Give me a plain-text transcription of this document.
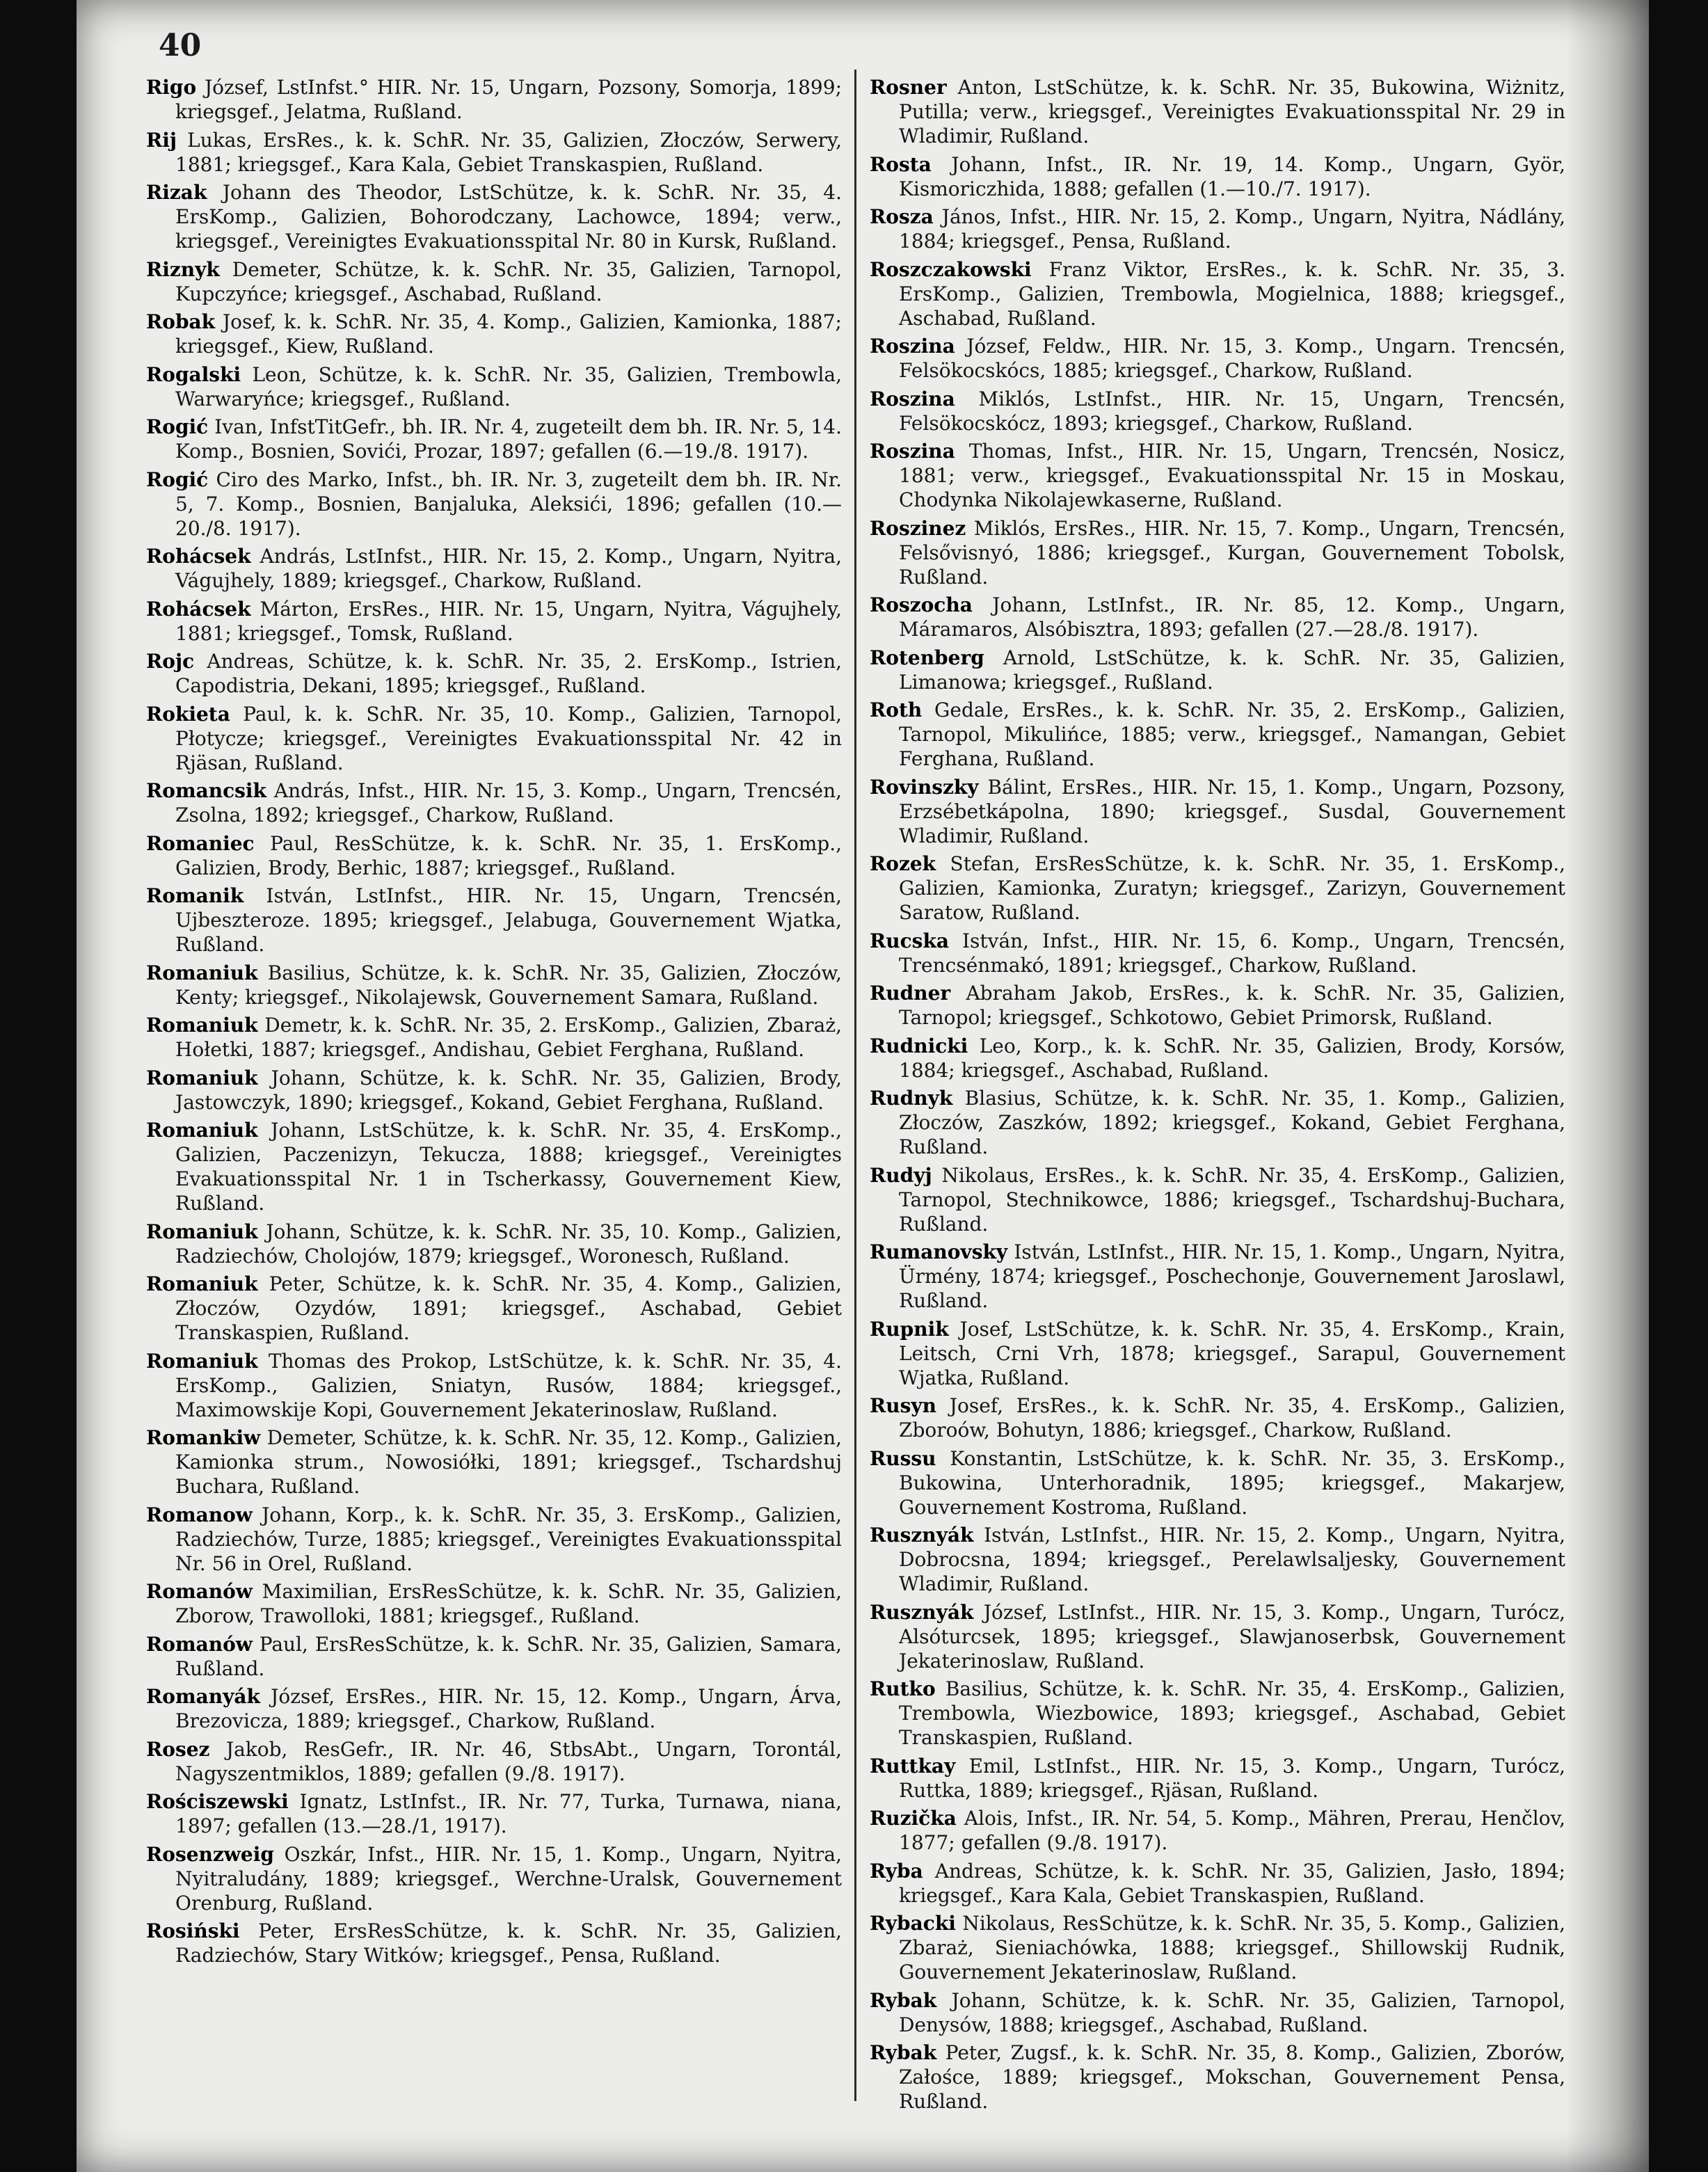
40

Rigo József, LstInfst.° HIR. Nr. 15, Ungarn, Pozsony, Somorja, 1899; kriegsgef., Jelatma, Rußland.

Rij Lukas, ErsRes., k. k. SchR. Nr. 35, Galizien, Złoczów, Serwery, 1881; kriegsgef., Kara Kala, Gebiet Transkaspien, Rußland.

Rizak Johann des Theodor, LstSchütze, k. k. SchR. Nr. 35, 4. ErsKomp., Galizien, Bohorodczany, Lachowce, 1894; verw., kriegsgef., Vereinigtes Evakuationsspital Nr. 80 in Kursk, Rußland.

Riznyk Demeter, Schütze, k. k. SchR. Nr. 35, Galizien, Tarnopol, Kupczyńce; kriegsgef., Aschabad, Rußland.

Robak Josef, k. k. SchR. Nr. 35, 4. Komp., Galizien, Kamionka, 1887; kriegsgef., Kiew, Rußland.

Rogalski Leon, Schütze, k. k. SchR. Nr. 35, Galizien, Trembowla, Warwaryńce; kriegsgef., Rußland.

Rogić Ivan, InfstTitGefr., bh. IR. Nr. 4, zugeteilt dem bh. IR. Nr. 5, 14. Komp., Bosnien, Sovići, Prozar, 1897; gefallen (6.—19./8. 1917).

Rogić Ciro des Marko, Infst., bh. IR. Nr. 3, zugeteilt dem bh. IR. Nr. 5, 7. Komp., Bosnien, Banjaluka, Aleksići, 1896; gefallen (10.—20./8. 1917).

Rohácsek András, LstInfst., HIR. Nr. 15, 2. Komp., Ungarn, Nyitra, Vágujhely, 1889; kriegsgef., Charkow, Rußland.

Rohácsek Márton, ErsRes., HIR. Nr. 15, Ungarn, Nyitra, Vágujhely, 1881; kriegsgef., Tomsk, Rußland.

Rojc Andreas, Schütze, k. k. SchR. Nr. 35, 2. ErsKomp., Istrien, Capodistria, Dekani, 1895; kriegsgef., Rußland.

Rokieta Paul, k. k. SchR. Nr. 35, 10. Komp., Galizien, Tarnopol, Płotycze; kriegsgef., Vereinigtes Evakuationsspital Nr. 42 in Rjäsan, Rußland.

Romancsik András, Infst., HIR. Nr. 15, 3. Komp., Ungarn, Trencsén, Zsolna, 1892; kriegsgef., Charkow, Rußland.

Romaniec Paul, ResSchütze, k. k. SchR. Nr. 35, 1. ErsKomp., Galizien, Brody, Berhic, 1887; kriegsgef., Rußland.

Romanik István, LstInfst., HIR. Nr. 15, Ungarn, Trencsén, Ujbeszteroze. 1895; kriegsgef., Jelabuga, Gouvernement Wjatka, Rußland.

Romaniuk Basilius, Schütze, k. k. SchR. Nr. 35, Galizien, Złoczów, Kenty; kriegsgef., Nikolajewsk, Gouvernement Samara, Rußland.

Romaniuk Demetr, k. k. SchR. Nr. 35, 2. ErsKomp., Galizien, Zbaraż, Hołetki, 1887; kriegsgef., Andishau, Gebiet Ferghana, Rußland.

Romaniuk Johann, Schütze, k. k. SchR. Nr. 35, Galizien, Brody, Jastowczyk, 1890; kriegsgef., Kokand, Gebiet Ferghana, Rußland.

Romaniuk Johann, LstSchütze, k. k. SchR. Nr. 35, 4. ErsKomp., Galizien, Paczenizyn, Tekucza, 1888; kriegsgef., Vereinigtes Evakuationsspital Nr. 1 in Tscherkassy, Gouvernement Kiew, Rußland.

Romaniuk Johann, Schütze, k. k. SchR. Nr. 35, 10. Komp., Galizien, Radziechów, Cholojów, 1879; kriegsgef., Woronesch, Rußland.

Romaniuk Peter, Schütze, k. k. SchR. Nr. 35, 4. Komp., Galizien, Złoczów, Ozydów, 1891; kriegsgef., Aschabad, Gebiet Transkaspien, Rußland.

Romaniuk Thomas des Prokop, LstSchütze, k. k. SchR. Nr. 35, 4. ErsKomp., Galizien, Sniatyn, Rusów, 1884; kriegsgef., Maximowskije Kopi, Gouvernement Jekaterinoslaw, Rußland.

Romankiw Demeter, Schütze, k. k. SchR. Nr. 35, 12. Komp., Galizien, Kamionka strum., Nowosiółki, 1891; kriegsgef., Tschardshuj Buchara, Rußland.

Romanow Johann, Korp., k. k. SchR. Nr. 35, 3. ErsKomp., Galizien, Radziechów, Turze, 1885; kriegsgef., Vereinigtes Evakuationsspital Nr. 56 in Orel, Rußland.

Romanów Maximilian, ErsResSchütze, k. k. SchR. Nr. 35, Galizien, Zborow, Trawolloki, 1881; kriegsgef., Rußland.

Romanów Paul, ErsResSchütze, k. k. SchR. Nr. 35, Galizien, Samara, Rußland.

Romanyák József, ErsRes., HIR. Nr. 15, 12. Komp., Ungarn, Árva, Brezovicza, 1889; kriegsgef., Charkow, Rußland.

Rosez Jakob, ResGefr., IR. Nr. 46, StbsAbt., Ungarn, Torontál, Nagyszentmiklos, 1889; gefallen (9./8. 1917).

Rościszewski Ignatz, LstInfst., IR. Nr. 77, Turka, Turnawa, niana, 1897; gefallen (13.—28./1, 1917).

Rosenzweig Oszkár, Infst., HIR. Nr. 15, 1. Komp., Ungarn, Nyitra, Nyitraludány, 1889; kriegsgef., Werchne-Uralsk, Gouvernement Orenburg, Rußland.

Rosiński Peter, ErsResSchütze, k. k. SchR. Nr. 35, Galizien, Radziechów, Stary Witków; kriegsgef., Pensa, Rußland.

Rosner Anton, LstSchütze, k. k. SchR. Nr. 35, Bukowina, Wiżnitz, Putilla; verw., kriegsgef., Vereinigtes Evakuationsspital Nr. 29 in Wladimir, Rußland.

Rosta Johann, Infst., IR. Nr. 19, 14. Komp., Ungarn, Györ, Kismoriczhida, 1888; gefallen (1.—10./7. 1917).

Rosza János, Infst., HIR. Nr. 15, 2. Komp., Ungarn, Nyitra, Nádlány, 1884; kriegsgef., Pensa, Rußland.

Roszczakowski Franz Viktor, ErsRes., k. k. SchR. Nr. 35, 3. ErsKomp., Galizien, Trembowla, Mogielnica, 1888; kriegsgef., Aschabad, Rußland.

Roszina József, Feldw., HIR. Nr. 15, 3. Komp., Ungarn. Trencsén, Felsökocskócs, 1885; kriegsgef., Charkow, Rußland.

Roszina Miklós, LstInfst., HIR. Nr. 15, Ungarn, Trencsén, Felsökocskócz, 1893; kriegsgef., Charkow, Rußland.

Roszina Thomas, Infst., HIR. Nr. 15, Ungarn, Trencsén, Nosicz, 1881; verw., kriegsgef., Evakuationsspital Nr. 15 in Moskau, Chodynka Nikolajewkaserne, Rußland.

Roszinez Miklós, ErsRes., HIR. Nr. 15, 7. Komp., Ungarn, Trencsén, Felsővisnyó, 1886; kriegsgef., Kurgan, Gouvernement Tobolsk, Rußland.

Roszocha Johann, LstInfst., IR. Nr. 85, 12. Komp., Ungarn, Máramaros, Alsóbisztra, 1893; gefallen (27.—28./8. 1917).

Rotenberg Arnold, LstSchütze, k. k. SchR. Nr. 35, Galizien, Limanowa; kriegsgef., Rußland.

Roth Gedale, ErsRes., k. k. SchR. Nr. 35, 2. ErsKomp., Galizien, Tarnopol, Mikulińce, 1885; verw., kriegsgef., Namangan, Gebiet Ferghana, Rußland.

Rovinszky Bálint, ErsRes., HIR. Nr. 15, 1. Komp., Ungarn, Pozsony, Erzsébetkápolna, 1890; kriegsgef., Susdal, Gouvernement Wladimir, Rußland.

Rozek Stefan, ErsResSchütze, k. k. SchR. Nr. 35, 1. ErsKomp., Galizien, Kamionka, Zuratyn; kriegsgef., Zarizyn, Gouvernement Saratow, Rußland.

Rucska István, Infst., HIR. Nr. 15, 6. Komp., Ungarn, Trencsén, Trencsénmakó, 1891; kriegsgef., Charkow, Rußland.

Rudner Abraham Jakob, ErsRes., k. k. SchR. Nr. 35, Galizien, Tarnopol; kriegsgef., Schkotowo, Gebiet Primorsk, Rußland.

Rudnicki Leo, Korp., k. k. SchR. Nr. 35, Galizien, Brody, Korsów, 1884; kriegsgef., Aschabad, Rußland.

Rudnyk Blasius, Schütze, k. k. SchR. Nr. 35, 1. Komp., Galizien, Złoczów, Zaszków, 1892; kriegsgef., Kokand, Gebiet Ferghana, Rußland.

Rudyj Nikolaus, ErsRes., k. k. SchR. Nr. 35, 4. ErsKomp., Galizien, Tarnopol, Stechnikowce, 1886; kriegsgef., Tschardshuj-Buchara, Rußland.

Rumanovsky István, LstInfst., HIR. Nr. 15, 1. Komp., Ungarn, Nyitra, Ürmény, 1874; kriegsgef., Poschechonje, Gouvernement Jaroslawl, Rußland.

Rupnik Josef, LstSchütze, k. k. SchR. Nr. 35, 4. ErsKomp., Krain, Leitsch, Crni Vrh, 1878; kriegsgef., Sarapul, Gouvernement Wjatka, Rußland.

Rusyn Josef, ErsRes., k. k. SchR. Nr. 35, 4. ErsKomp., Galizien, Zboroów, Bohutyn, 1886; kriegsgef., Charkow, Rußland.

Russu Konstantin, LstSchütze, k. k. SchR. Nr. 35, 3. ErsKomp., Bukowina, Unterhoradnik, 1895; kriegsgef., Makarjew, Gouvernement Kostroma, Rußland.

Rusznyák István, LstInfst., HIR. Nr. 15, 2. Komp., Ungarn, Nyitra, Dobrocsna, 1894; kriegsgef., Perelawlsaljesky, Gouvernement Wladimir, Rußland.

Rusznyák József, LstInfst., HIR. Nr. 15, 3. Komp., Ungarn, Turócz, Alsóturcsek, 1895; kriegsgef., Slawjanoserbsk, Gouvernement Jekaterinoslaw, Rußland.

Rutko Basilius, Schütze, k. k. SchR. Nr. 35, 4. ErsKomp., Galizien, Trembowla, Wiezbowice, 1893; kriegsgef., Aschabad, Gebiet Transkaspien, Rußland.

Ruttkay Emil, LstInfst., HIR. Nr. 15, 3. Komp., Ungarn, Turócz, Ruttka, 1889; kriegsgef., Rjäsan, Rußland.

Ruzička Alois, Infst., IR. Nr. 54, 5. Komp., Mähren, Prerau, Henčlov, 1877; gefallen (9./8. 1917).

Ryba Andreas, Schütze, k. k. SchR. Nr. 35, Galizien, Jasło, 1894; kriegsgef., Kara Kala, Gebiet Transkaspien, Rußland.

Rybacki Nikolaus, ResSchütze, k. k. SchR. Nr. 35, 5. Komp., Galizien, Zbaraż, Sieniachówka, 1888; kriegsgef., Shillowskij Rudnik, Gouvernement Jekaterinoslaw, Rußland.

Rybak Johann, Schütze, k. k. SchR. Nr. 35, Galizien, Tarnopol, Denysów, 1888; kriegsgef., Aschabad, Rußland.

Rybak Peter, Zugsf., k. k. SchR. Nr. 35, 8. Komp., Galizien, Zborów, Załośce, 1889; kriegsgef., Mokschan, Gouvernement Pensa, Rußland.
